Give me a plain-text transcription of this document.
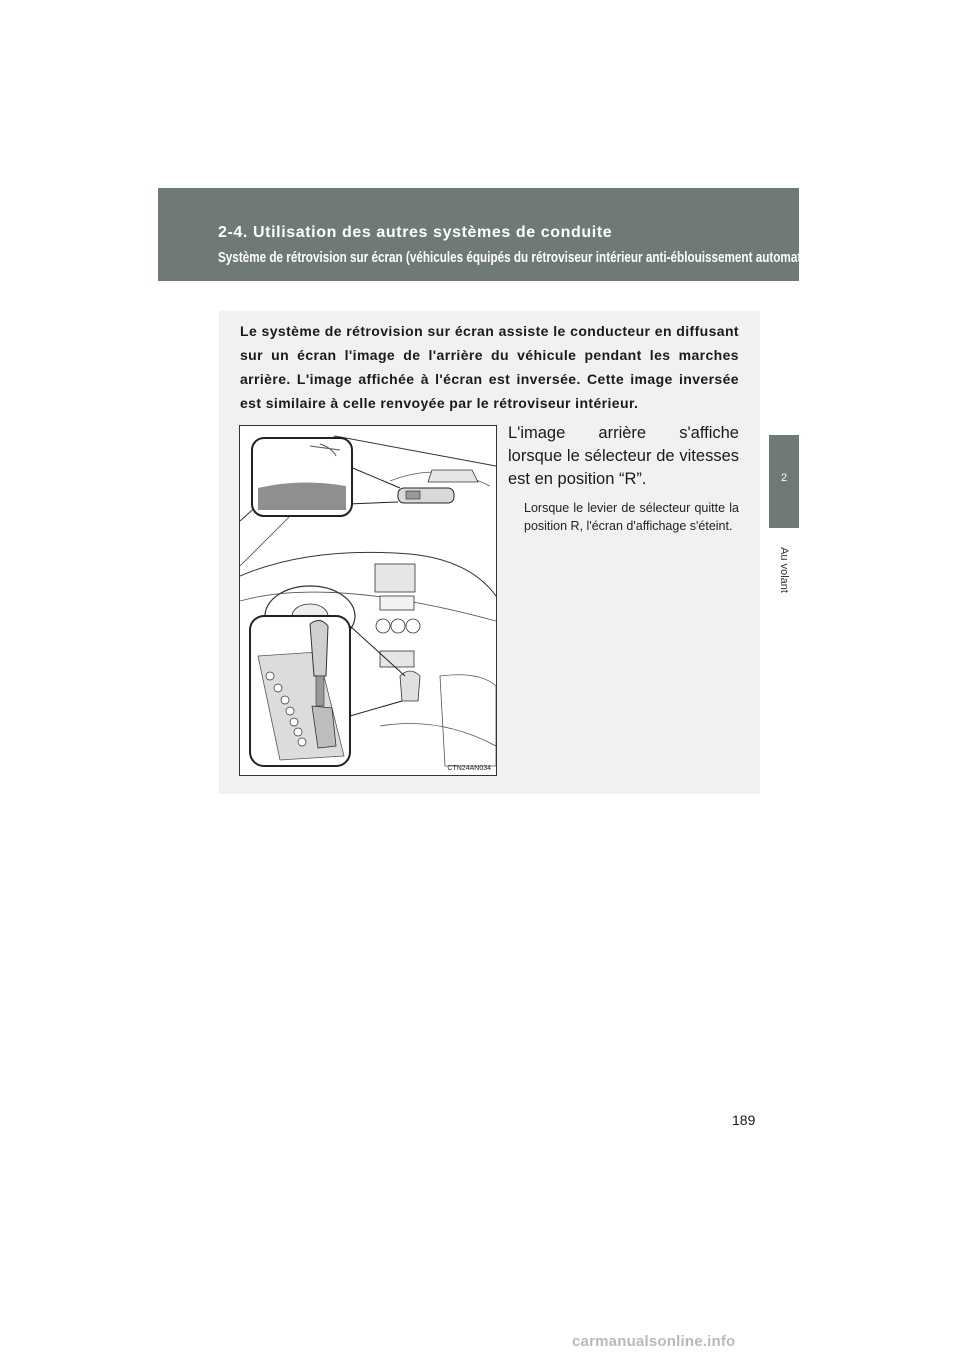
2-4. Utilisation des autres systèmes de conduite
Système de rétrovision sur écran (véhicules équipés du rétroviseur intérieur anti-éblouissement automatique)
2
Au volant

Le système de rétrovision sur écran assiste le conducteur en diffusant sur un écran l'image de l'arrière du véhicule pendant les marches arrière. L'image affichée à l'écran est inversée. Cette image inversée est similaire à celle renvoyée par le rétroviseur intérieur.

CTN24AN034

L'image arrière s'affiche lorsque le sélecteur de vitesses est en position “R”.

Lorsque le levier de sélecteur quitte la position R, l'écran d'affichage s'éteint.

189
carmanualsonline.info
